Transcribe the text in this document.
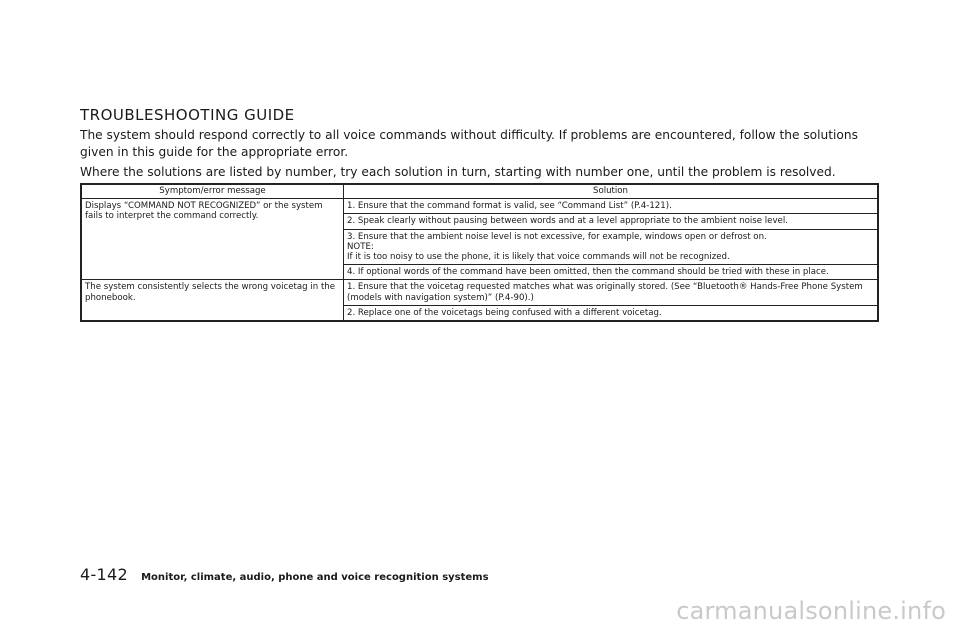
TROUBLESHOOTING GUIDE

The system should respond correctly to all voice commands without difficulty. If problems are encountered, follow the solutions given in this guide for the appropriate error.

Where the solutions are listed by number, try each solution in turn, starting with number one, until the problem is resolved.

Symptom/error message	Solution
Displays “COMMAND NOT RECOGNIZED” or the system fails to interpret the command correctly.	1. Ensure that the command format is valid, see “Command List” (P.4-121).
	2. Speak clearly without pausing between words and at a level appropriate to the ambient noise level.
	3. Ensure that the ambient noise level is not excessive, for example, windows open or defrost on.
NOTE:
If it is too noisy to use the phone, it is likely that voice commands will not be recognized.
	4. If optional words of the command have been omitted, then the command should be tried with these in place.
The system consistently selects the wrong voicetag in the phonebook.	1. Ensure that the voicetag requested matches what was originally stored. (See “Bluetooth® Hands-Free Phone System (models with navigation system)” (P.4-90).)
	2. Replace one of the voicetags being confused with a different voicetag.
4-142 Monitor, climate, audio, phone and voice recognition systems
carmanualsonline.info
